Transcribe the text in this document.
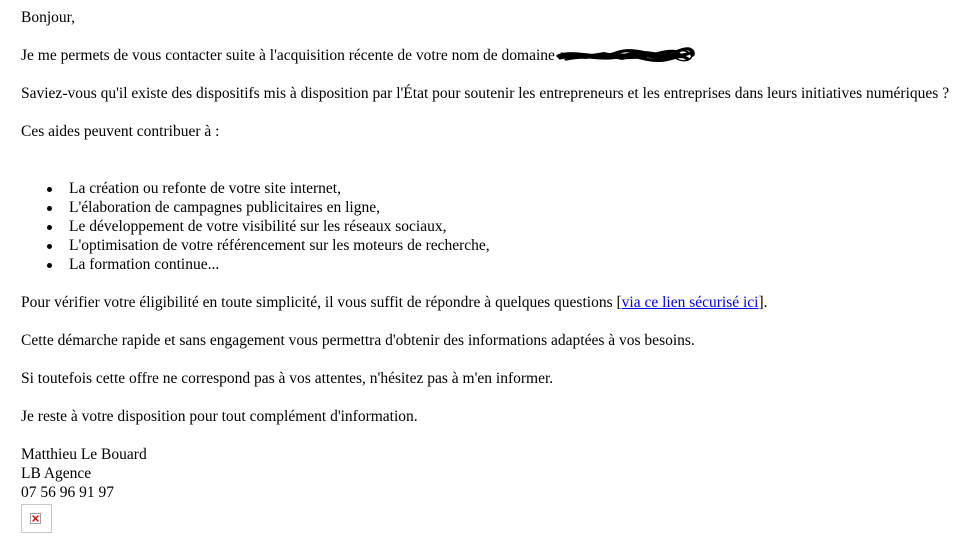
Bonjour,
Je me permets de vous contacter suite à l'acquisition récente de votre nom de domaine
Saviez-vous qu'il existe des dispositifs mis à disposition par l'État pour soutenir les entrepreneurs et les entreprises dans leurs initiatives numériques ?
Ces aides peuvent contribuer à :
La création ou refonte de votre site internet,
L'élaboration de campagnes publicitaires en ligne,
Le développement de votre visibilité sur les réseaux sociaux,
L'optimisation de votre référencement sur les moteurs de recherche,
La formation continue...
Pour vérifier votre éligibilité en toute simplicité, il vous suffit de répondre à quelques questions [via ce lien sécurisé ici].
Cette démarche rapide et sans engagement vous permettra d'obtenir des informations adaptées à vos besoins.
Si toutefois cette offre ne correspond pas à vos attentes, n'hésitez pas à m'en informer.
Je reste à votre disposition pour tout complément d'information.
Matthieu Le Bouard
LB Agence
07 56 96 91 97
